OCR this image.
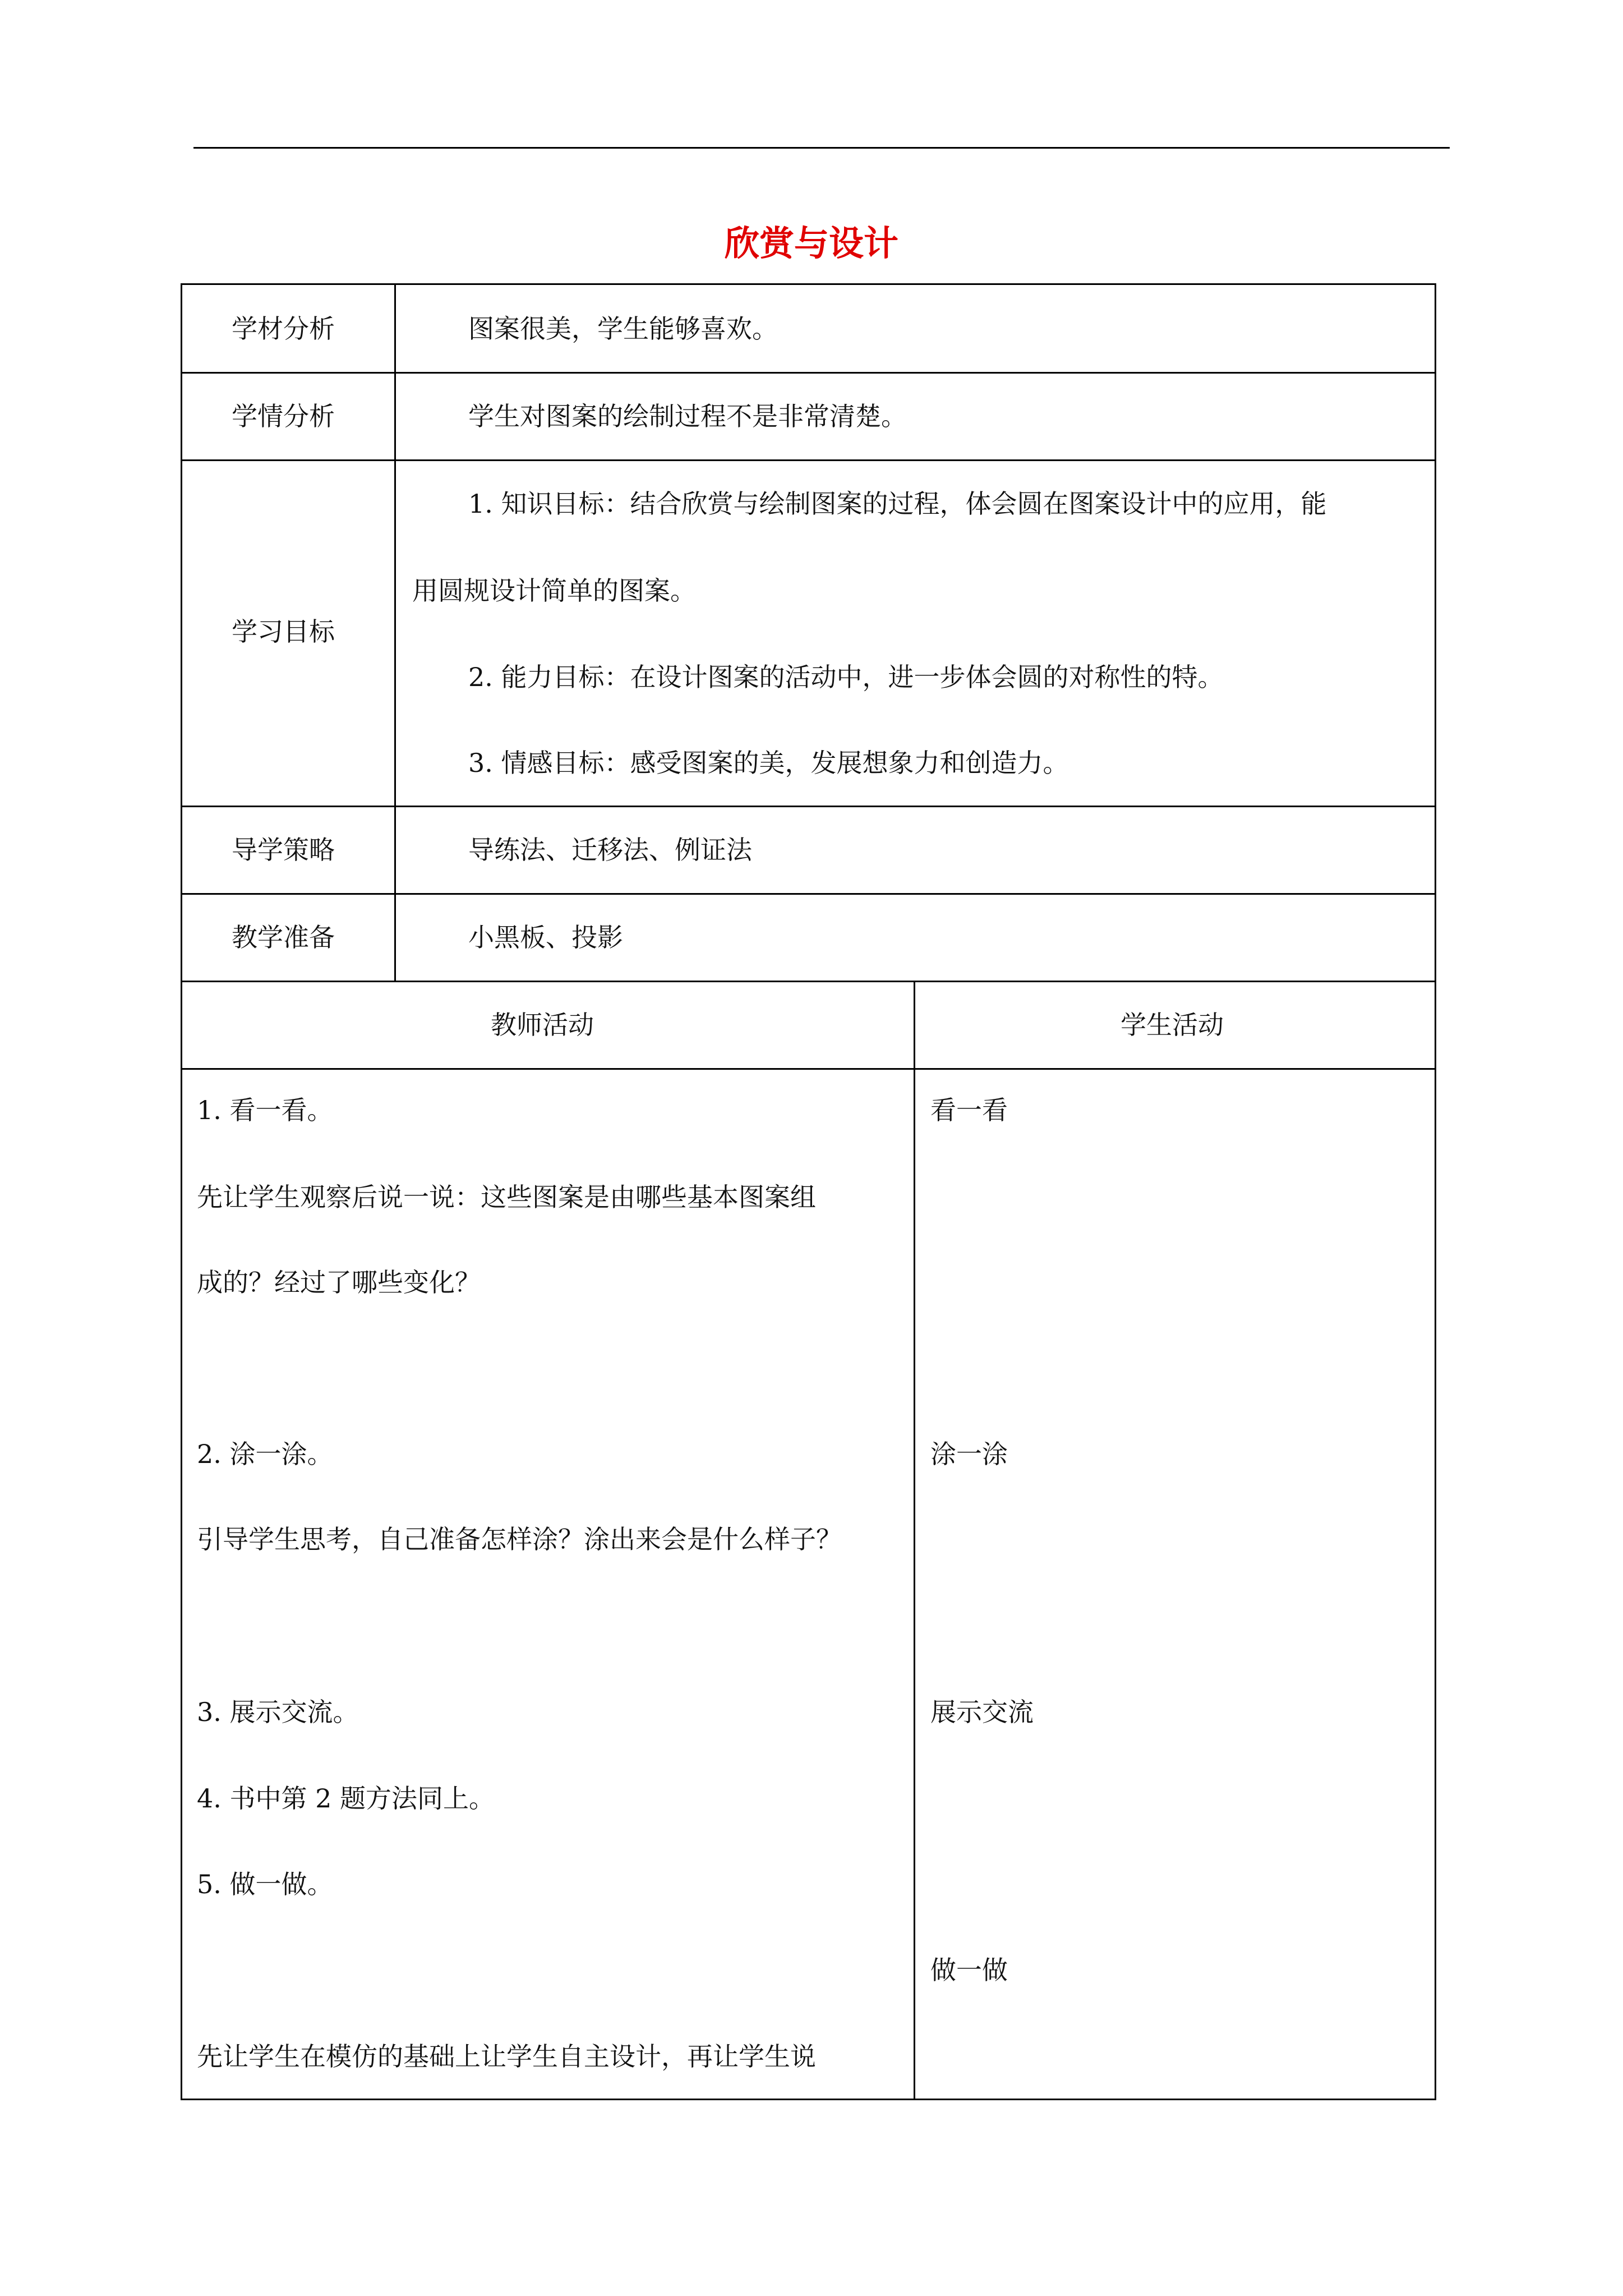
欣赏与设计
学材分析
学情分析
学习目标
导学策略
教学准备
图案很美，学生能够喜欢。
学生对图案的绘制过程不是非常清楚。
1. 知识目标：结合欣赏与绘制图案的过程，体会圆在图案设计中的应用，能
用圆规设计简单的图案。
2. 能力目标：在设计图案的活动中，进一步体会圆的对称性的特。
3. 情感目标：感受图案的美，发展想象力和创造力。
导练法、迁移法、例证法
小黑板、投影
教师活动	学生活动
1. 看一看。
先让学生观察后说一说：这些图案是由哪些基本图案组
成的？经过了哪些变化？
2. 涂一涂。
引导学生思考，自己准备怎样涂？涂出来会是什么样子？
3. 展示交流。
4. 书中第 2 题方法同上。
5. 做一做。
先让学生在模仿的基础上让学生自主设计，再让学生说
看一看
涂一涂
展示交流
做一做
